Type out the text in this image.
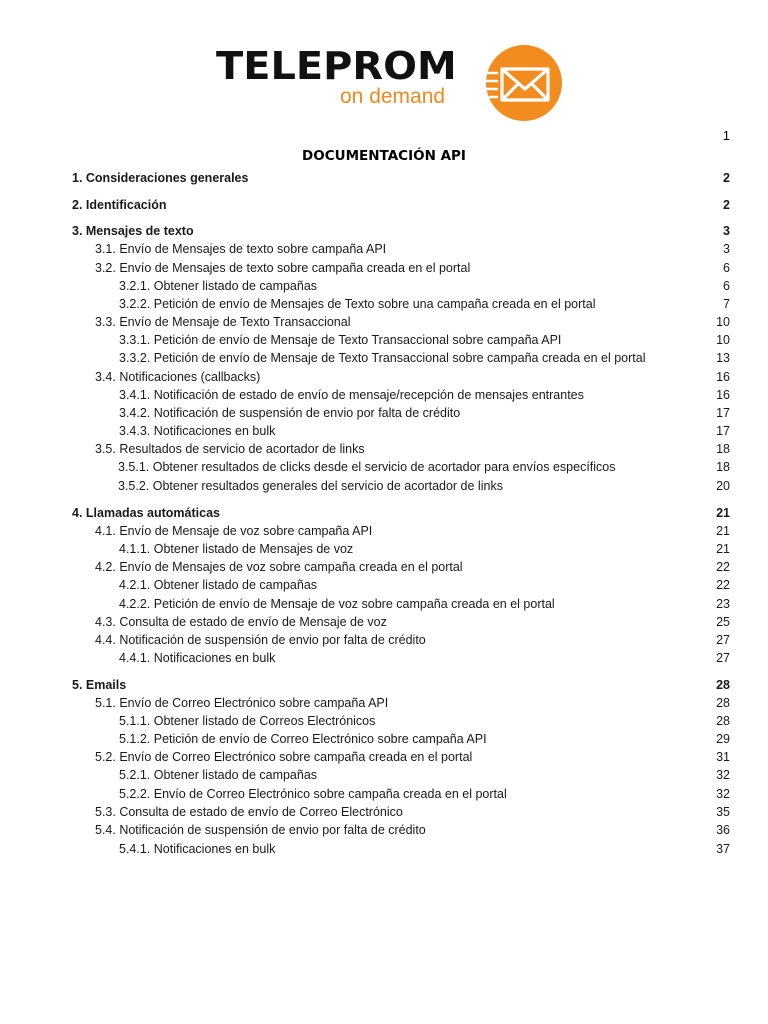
TELEPROM
on demand
1
DOCUMENTACIÓN API
1. Consideraciones generales	2
2. Identificación	2
3. Mensajes de texto	3
3.1. Envío de Mensajes de texto sobre campaña API	3
3.2. Envío de Mensajes de texto sobre campaña creada en el portal	6
3.2.1. Obtener listado de campañas	6
3.2.2. Petición de envío de Mensajes de Texto sobre una campaña creada en el portal	7
3.3. Envío de Mensaje de Texto Transaccional	10
3.3.1. Petición de envío de Mensaje de Texto Transaccional sobre campaña API	10
3.3.2. Petición de envío de Mensaje de Texto Transaccional sobre campaña creada en el portal	13
3.4. Notificaciones (callbacks)	16
3.4.1. Notificación de estado de envío de mensaje/recepción de mensajes entrantes	16
3.4.2. Notificación de suspensión de envio por falta de crédito	17
3.4.3. Notificaciones en bulk	17
3.5. Resultados de servicio de acortador de links	18
3.5.1. Obtener resultados de clicks desde el servicio de acortador para envíos específicos	18
3.5.2. Obtener resultados generales del servicio de acortador de links	20
4. Llamadas automáticas	21
4.1. Envío de Mensaje de voz sobre campaña API	21
4.1.1. Obtener listado de Mensajes de voz	21
4.2. Envío de Mensajes de voz sobre campaña creada en el portal	22
4.2.1. Obtener listado de campañas	22
4.2.2. Petición de envío de Mensaje de voz sobre campaña creada en el portal	23
4.3. Consulta de estado de envío de Mensaje de voz	25
4.4. Notificación de suspensión de envio por falta de crédito	27
4.4.1. Notificaciones en bulk	27
5. Emails	28
5.1. Envío de Correo Electrónico sobre campaña API	28
5.1.1. Obtener listado de Correos Electrónicos	28
5.1.2. Petición de envío de Correo Electrónico sobre campaña API	29
5.2. Envío de Correo Electrónico sobre campaña creada en el portal	31
5.2.1. Obtener listado de campañas	32
5.2.2. Envío de Correo Electrónico sobre campaña creada en el portal	32
5.3. Consulta de estado de envío de Correo Electrónico	35
5.4. Notificación de suspensión de envio por falta de crédito	36
5.4.1. Notificaciones en bulk	37
